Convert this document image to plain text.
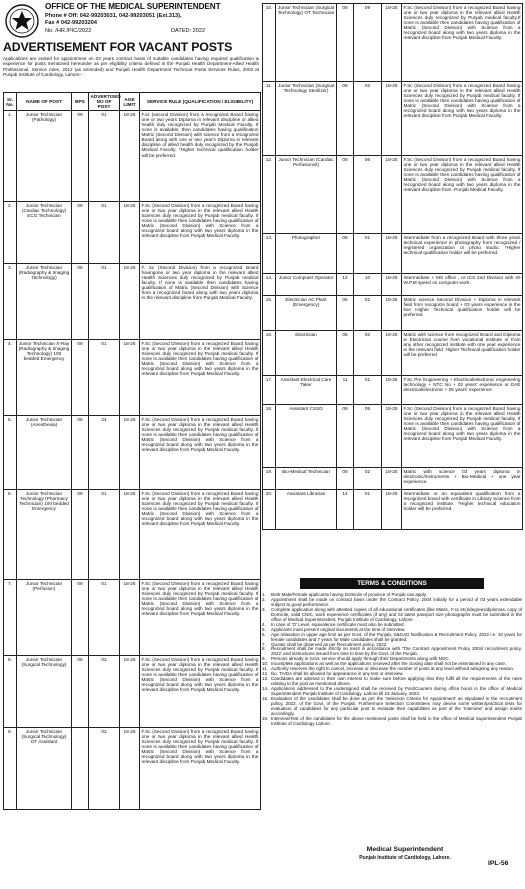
OFFICE OF THE MEDICAL SUPERINTENDENT
Phone # Off: 042-99203031, 042-99203051 (Ext.313),
Fax # 042-99203204
No. /HR./PIC/2022	DATED: 2022
ADVERTISEMENT FOR VACANT POSTS
Applications are invited for appointment on 03 years contract basis of suitable candidates having required qualification & experience for posts mentioned hereunder as per eligibility criteria defined in the Punjab Health Department-Allied Health Professional, Service rules, 2012 (as amended) and Punjab Health Department Technical Posts Services Rules, 2003 at Punjab Institute of Cardiology, Lahore:-
Sr. No.	NAME OF POST	BPS	ADVERTISED NO OF POST	AGE LIMIT	SERVICE RULE (QUALIFICATION / ELIGIBILITY)
1.	Junior Technician (Pathology)	09	01	18-25	F.sc (second Division) from a recognized Board having one or two years Diploma in relevant discipline or allied health duly recognized by Punjab Medical Faculty. If none is available, then candidates having qualification Matric (Second Division) with science from a recognized Board along with one or two year's Diploma in relevant discipline of allied health duly recognized by the Punjab Medical Faculty. *Higher technical qualification holder will be preferred.
2.	Junior Technician (Cardiac Technology) ECG Technician	09	01	18-25	F.Sc (Second Division) from a recognized Board having one or two year diploma in the relevant allied Health Sciences duly recognized by Punjab medical faculty. If none is available then candidates having qualification of Matric (Second Division) with Science from a recognized board along with two years diploma in the relevant discipline from Punjab Medical Faculty.
3.	Junior Technician (Radiography & Imaging Technology)	09	01	18-25	F. Sc (Second Division) from a recognized Board havingone or two year diploma in the relevant allied Health Sciences duly recognized by Punjab medical faculty. If none is available then candidates having qualification of Matric (Second Division) with Science from a recognized board along with two years diploma in the relevant discipline from Punjab Medical Faculty.
4.	Junior Technician X-Ray (Radiography & Imaging Technology) 100 bedded Emergency	09	01	18-25	F.Sc (Second Division) from a recognized Board having one or two year diploma in the relevant allied Health Sciences duly recognized by Punjab medical faculty. If none is available then candidates having qualification of Matric (Second Division) with Science from a recognized board along with two years diploma in the relevant discipline from Punjab Medical Faculty.
5.	Junior Technician (Anesthesia)	09	24	18-25	F.Sc (Second Division) from a recognized Board having one or two year diploma in the relevant allied Health Sciences duly recognized by Punjab medical faculty. If none is available then candidates having qualification of Matric (Second Division) with Science from a recognized board along with two years diploma in the relevant discipline from Punjab Medical Faculty.
6.	Junior Technician Technology (Pharmacy Technician) 100 bedded Emergency	09	01	18-25	F.Sc (Second Division) from a recognized Board having one or two year diploma in the relevant allied Health Sciences duly recognized by Punjab medical faculty. If none is available then candidates having qualification of Matric (Second Division) with Science from a recognized board along with two years diploma in the relevant discipline from Punjab Medical Faculty.
7.	Junior Technician (Perfusion)	09	01	18-25	F.Sc (Second Division) from a recognized Board having one or two year diploma in the relevant allied Health Sciences duly recognized by Punjab medical faculty. If none is available then candidates having qualification of Matric (Second Division) with Science from a recognized board along with two years diploma in the relevant discipline from Punjab Medical Faculty.
8.	Junior Technician (Surgical Technology)	09	02	18-25	F.Sc (Second Division) from a recognized Board having one or two year diploma in the relevant allied Health Sciences duly recognized by Punjab medical faculty. If none is available then candidates having qualification of Matric (Second Division) with Science from a recognized board along with two years diploma in the relevant discipline from Punjab Medical Faculty.
9.	Junior Technician (Surgical Technology) OT Assistant		02	18-25	F.Sc (Second Division) from a recognized Board having one or two year diploma in the relevant allied Health Sciences duly recognized by Punjab medical faculty. If none is available then candidates having qualification of Matric (Second Division) with Science from a recognized board along with two years diploma in the relevant discipline from Punjab Medical Faculty.
10.	Junior Technician (Surgical Technology) OT Technician	09	09	18-25	F.Sc (Second Division) from a recognized Board having one or two year diploma in the relevant allied Health Sciences duly recognized by Punjab medical faculty.If none is available then candidates having qualification of Matric (Second Division) with Science from a recognized board along with two years diploma in the relevant discipline from Punjab Medical Faculty.
11.	Junior Technician (Surgical Technology Sterilizer)	09	02	18-25	F.Sc (Second Division) from a recognized Board having one or two year diploma in the relevant allied Health Sciences duly recognized by Punjab medical faculty. If none is available then candidates having qualification of Matric (Second Division) with Science from a recognized board along with two years diploma in the relevant discipline from Punjab Medical Faculty.
12.	Junior Technician (Cardiac Perfusionist)	09	06	18-25	F.Sc (Second Division) from a recognized Board having one or two year diploma in the relevant allied Health Sciences duly recognized by Punjab medical faculty. If none is available then candidates having qualification of Matric (Second Division) with Science from a recognized board along with two years diploma in the relevant discipline from -Punjab Medical Faculty.
13.	Photographer	08	01	18-25	Intermediate from a recognized Board with three years technical experience in photography from recognized / registered organization or photo studio. *Higher technical qualification holder will be preferred.
14.	Junior Computer Operator	12	10	18-25	Intermediate + MS office , or ICS 2nd Division with 40 W.P.M speed on computer work.
15.	Electrician AC Plant (Emergency)	06	02	18-25	Matric science Second Division + Diploma in relevant field from recognize board + 03 years experience in the line Higher Technical qualification holder will be preferred
16.	Electrician	06	02	18-25	Matric with science from recognized Board and Diploma in Electrician course from vocational institute or from any other recognized institute with one year experience in the relevant field. Higher Technical qualification holder will be preferred
17.	Assistant Electrical Care Taker	11	01	18-25	F.Sc Pre Engineering + Electrical/electronic engineering technology + NTC No + 02 years' experience or DAE electrical/electronic + 05 years' experience
18.	Assistant CSSD	09	05	18-25	F.Sc (Second Division) from a recognized Board having one or two year diploma in the relevant allied Health Sciences duly recognized by Punjab medical faculty. If none is available then candidates having qualification of Matric (Second Division) with Science from a recognized board along with two years diploma in the relevant discipline from Punjab Medical Faculty.
19.	Bio-Medical Technician	09	02	18-25	Matric with science 03 years diploma in electronic/instruments + Bio-Medical + one year experience.
20.	Assistant Librarian	14	01	18-25	Intermediate or an equivalent qualification from a recognized board with certificate in Library Science from a recognized institute. *Higher technical education holder will be preferred.
TERMS & CONDITIONS
1.	Both Male/Female applicants having Domicile of province of Punjab can apply.
2.	Appointment shall be made on contract basis under the Contract Policy, 2004 initially for a period of 03 years extendable subject to good performance.
3.	Complete application along with attested copies of all educational certificates (like Matric, F.sc etc)/degrees/diplomas, copy of Domicile, valid CNIC, work experience certificates (if any) and 02 latest passport size photographs must be submitted in the office of Medical Superintendent, Punjab Institute of Cardiology, Lahore.
4.	In case of 'O' Level, equivalence certificate must also be submitted.
5.	Applicants must present original documents at the time of interview.
6.	Age relaxation in upper age limit as per Govt. of the Punjab, S&GAD Notification & Recruitment Policy, 2022 i.e. 10 years for female candidates and 7 years for Male candidates shall be granted.
7.	Quotas shall be observed as per Recruitment policy, 2022.
8.	Recruitment shall be made strictly on merit in accordance with 'The Contract Appointment Policy 2004/ recruitment policy, 2022' and instructions issued from time to time by the Govt. of the Punjab.
9.	Persons already in Govt. service should apply through their Departments along with NOC.
10. Incomplete applications as well as the applications received after the closing date shall not be entertained in any case.
11. Authority reserves the right to cancel, increase or decrease the number of posts at any level without assigning any reason.
12. No. TA/DA shall be allowed for appearance in any test or interview.
13. Candidates are advised in their own interest to make sure before applying that they fulfil all the requirements of the rules relating to the post as mentioned above.
14. Applications addressed to the undersigned shall be received by Post/Couriers during office hours in the office of Medical Superintendent Punjab Institute of Cardiology, Lahore till 23 January, 2023.
15. Evaluation of the candidates shall be done as per the 'Selection Criteria for Appointment' as stipulated in the recruitment policy, 2022, of the Govt. of the Punjab. Furthermore Selection Committees may devise some written/practical tests for evaluation of candidates for any particular post to evaluate their capabilities as part of the 'Interview' and assign marks accordingly.
16. Interview/Test of the candidates for the above mentioned posts shall be held in the office of Medical Superintendent Punjab Institute of Cardiology Lahore.
Medical Superintendent
Punjab Institute of Cardiology, Lahore.
IPL-56
